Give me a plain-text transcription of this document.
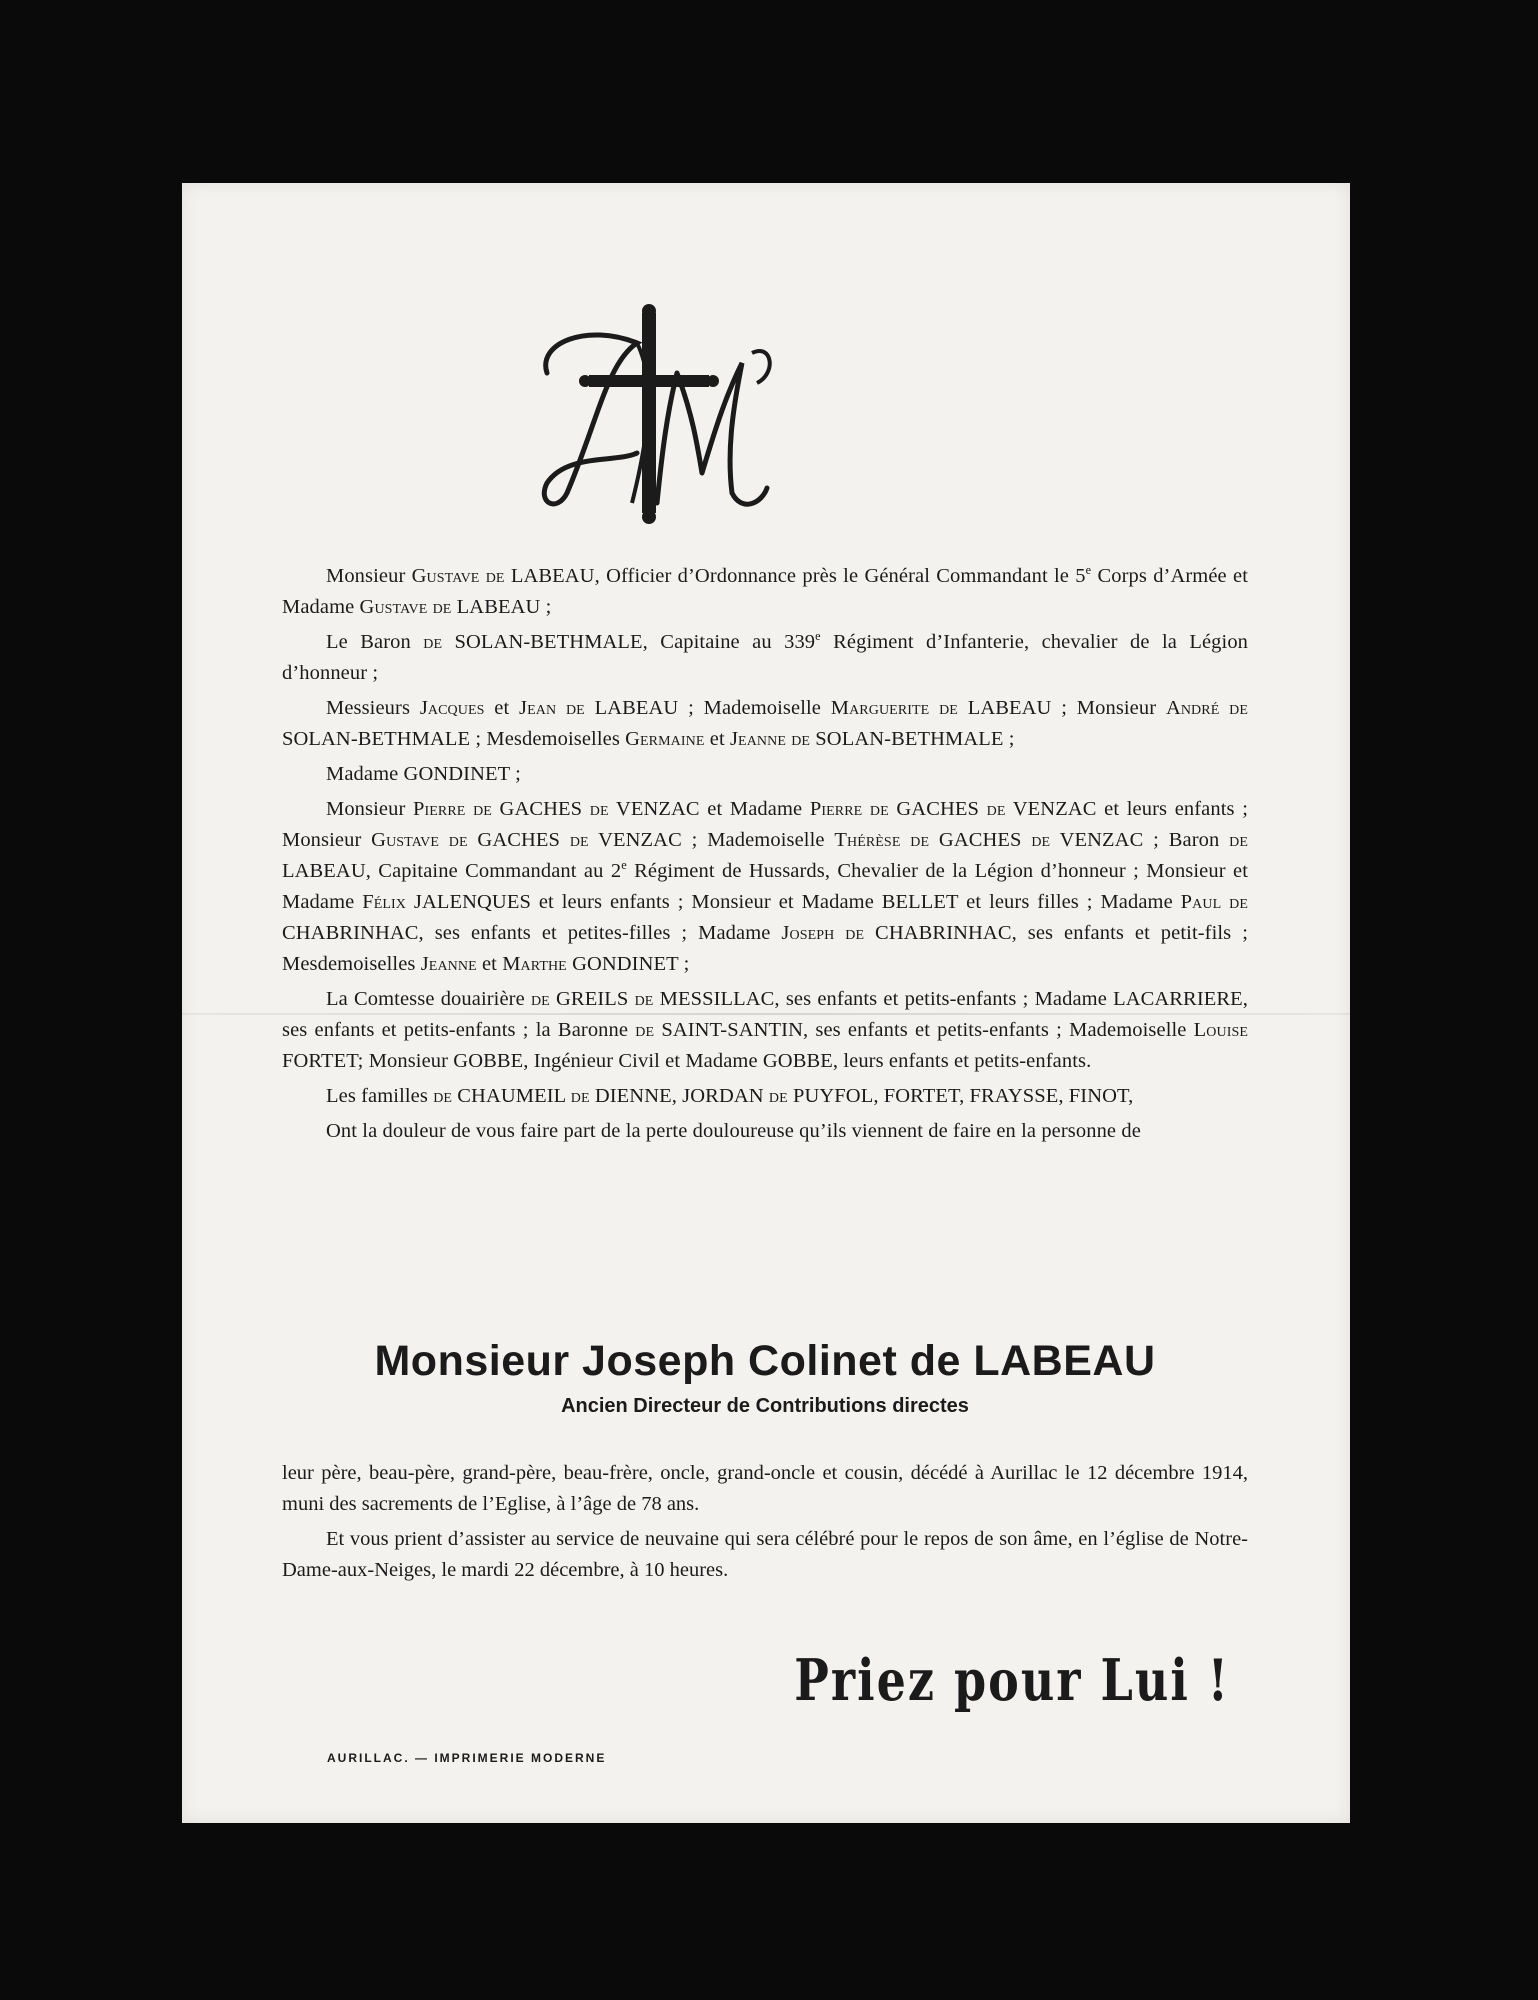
Monsieur Gustave de LABEAU, Officier d’Ordonnance près le Général Commandant le 5e Corps d’Armée et Madame Gustave de LABEAU ;

Le Baron de SOLAN-BETHMALE, Capitaine au 339e Régiment d’Infanterie, chevalier de la Légion d’honneur ;

Messieurs Jacques et Jean de LABEAU ; Mademoiselle Marguerite de LABEAU ; Monsieur André de SOLAN-BETHMALE ; Mesdemoiselles Germaine et Jeanne de SOLAN-BETHMALE ;

Madame GONDINET ;

Monsieur Pierre de GACHES de VENZAC et Madame Pierre de GACHES de VENZAC et leurs enfants ; Monsieur Gustave de GACHES de VENZAC ; Mademoiselle Thérèse de GACHES de VENZAC ; Baron de LABEAU, Capitaine Commandant au 2e Régiment de Hussards, Chevalier de la Légion d’honneur ; Monsieur et Madame Félix JALENQUES et leurs enfants ; Monsieur et Madame BELLET et leurs filles ; Madame Paul de CHABRINHAC, ses enfants et petites-filles ; Madame Joseph de CHABRINHAC, ses enfants et petit-fils ; Mesdemoiselles Jeanne et Marthe GONDINET ;

La Comtesse douairière de GREILS de MESSILLAC, ses enfants et petits-enfants ; Madame LACARRIERE, ses enfants et petits-enfants ; la Baronne de SAINT-SANTIN, ses enfants et petits-enfants ; Mademoiselle Louise FORTET; Monsieur GOBBE, Ingénieur Civil et Madame GOBBE, leurs enfants et petits-enfants.

Les familles de CHAUMEIL de DIENNE, JORDAN de PUYFOL, FORTET, FRAYSSE, FINOT,

Ont la douleur de vous faire part de la perte douloureuse qu’ils viennent de faire en la personne de

Monsieur Joseph Colinet de LABEAU

Ancien Directeur de Contributions directes

leur père, beau-père, grand-père, beau-frère, oncle, grand-oncle et cousin, décédé à Aurillac le 12 décembre 1914, muni des sacrements de l’Eglise, à l’âge de 78 ans.

Et vous prient d’assister au service de neuvaine qui sera célébré pour le repos de son âme, en l’église de Notre-Dame-aux-Neiges, le mardi 22 décembre, à 10 heures.

Priez pour Lui !
AURILLAC. — IMPRIMERIE MODERNE
